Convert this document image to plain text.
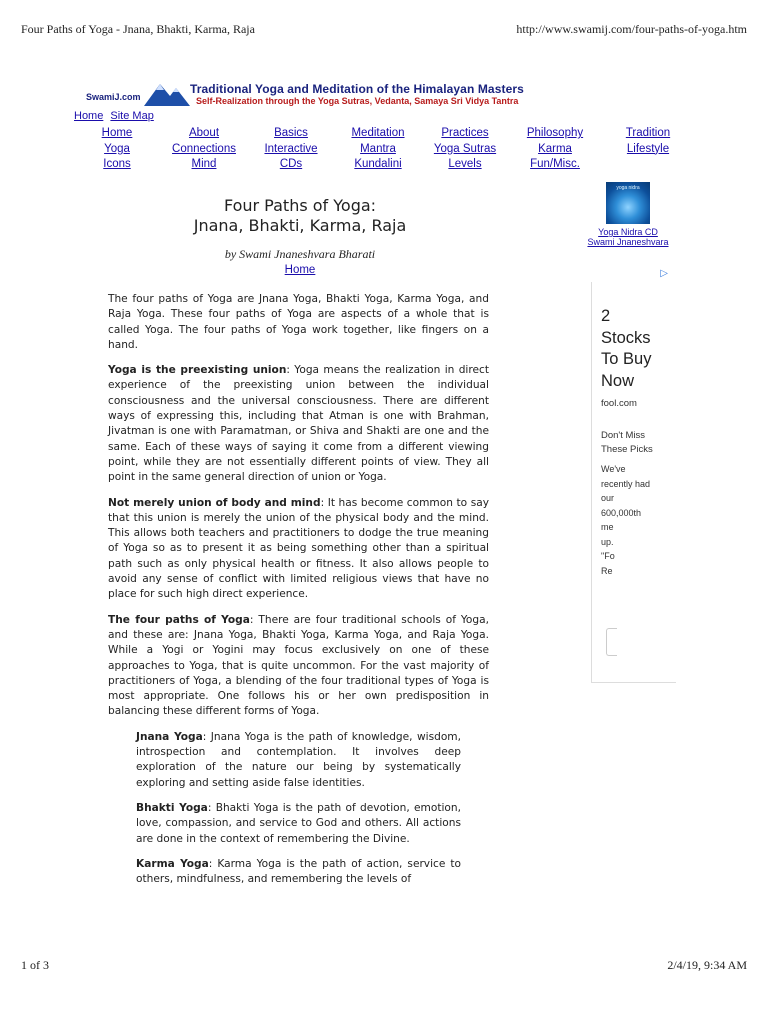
Four Paths of Yoga - Jnana, Bhakti, Karma, Raja	http://www.swamij.com/four-paths-of-yoga.htm
SwamiJ.com
Traditional Yoga and Meditation of the Himalayan Masters
Self-Realization through the Yoga Sutras, Vedanta, Samaya Sri Vidya Tantra
Home Site Map
Home	About	Basics	Meditation	Practices	Philosophy	Tradition
Yoga	Connections	Interactive	Mantra	Yoga Sutras	Karma	Lifestyle
Icons	Mind	CDs	Kundalini	Levels	Fun/Misc.
Four Paths of Yoga:
Jnana, Bhakti, Karma, Raja
by Swami Jnaneshvara Bharati
Home

The four paths of Yoga are Jnana Yoga, Bhakti Yoga, Karma Yoga, and Raja Yoga. These four paths of Yoga are aspects of a whole that is called Yoga. The four paths of Yoga work together, like fingers on a hand.

Yoga is the preexisting union: Yoga means the realization in direct experience of the preexisting union between the individual consciousness and the universal consciousness. There are different ways of expressing this, including that Atman is one with Brahman, Jivatman is one with Paramatman, or Shiva and Shakti are one and the same. Each of these ways of saying it come from a different viewing point, while they are not essentially different points of view. They all point in the same general direction of union or Yoga.

Not merely union of body and mind: It has become common to say that this union is merely the union of the physical body and the mind. This allows both teachers and practitioners to dodge the true meaning of Yoga so as to present it as being something other than a spiritual path such as only physical health or fitness. It also allows people to avoid any sense of conflict with limited religious views that have no place for such high direct experience.

The four paths of Yoga: There are four traditional schools of Yoga, and these are: Jnana Yoga, Bhakti Yoga, Karma Yoga, and Raja Yoga. While a Yogi or Yogini may focus exclusively on one of these approaches to Yoga, that is quite uncommon. For the vast majority of practitioners of Yoga, a blending of the four traditional types of Yoga is most appropriate. One follows his or her own predisposition in balancing these different forms of Yoga.

Jnana Yoga: Jnana Yoga is the path of knowledge, wisdom, introspection and contemplation. It involves deep exploration of the nature our being by systematically exploring and setting aside false identities.

Bhakti Yoga: Bhakti Yoga is the path of devotion, emotion, love, compassion, and service to God and others. All actions are done in the context of remembering the Divine.

Karma Yoga: Karma Yoga is the path of action, service to others, mindfulness, and remembering the levels of

yoga nidra
Yoga Nidra CD
Swami Jnaneshvara
▷
2
Stocks
To Buy
Now
fool.com
Don't Miss
These Picks
We've
recently had
our
600,000th
me
up.
"Fo
Re
1 of 3	2/4/19, 9:34 AM
